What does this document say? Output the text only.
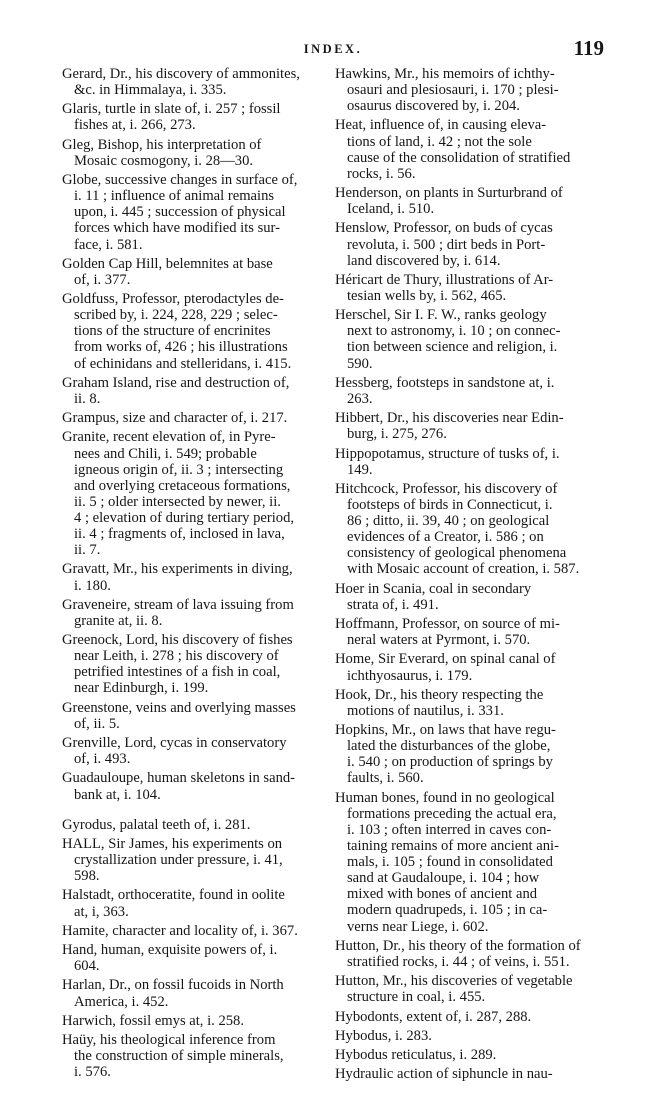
INDEX.	119

Gerard, Dr., his discovery of ammonites,
&c. in Himmalaya, i. 335.

Glaris, turtle in slate of, i. 257 ; fossil
fishes at, i. 266, 273.

Gleg, Bishop, his interpretation of
Mosaic cosmogony, i. 28—30.

Globe, successive changes in surface of,
i. 11 ; influence of animal remains
upon, i. 445 ; succession of physical
forces which have modified its sur-
face, i. 581.

Golden Cap Hill, belemnites at base
of, i. 377.

Goldfuss, Professor, pterodactyles de-
scribed by, i. 224, 228, 229 ; selec-
tions of the structure of encrinites
from works of, 426 ; his illustrations
of echinidans and stelleridans, i. 415.

Graham Island, rise and destruction of,
ii. 8.

Grampus, size and character of, i. 217.

Granite, recent elevation of, in Pyre-
nees and Chili, i. 549; probable
igneous origin of, ii. 3 ; intersecting
and overlying cretaceous formations,
ii. 5 ; older intersected by newer, ii.
4 ; elevation of during tertiary period,
ii. 4 ; fragments of, inclosed in lava,
ii. 7.

Gravatt, Mr., his experiments in diving,
i. 180.

Graveneire, stream of lava issuing from
granite at, ii. 8.

Greenock, Lord, his discovery of fishes
near Leith, i. 278 ; his discovery of
petrified intestines of a fish in coal,
near Edinburgh, i. 199.

Greenstone, veins and overlying masses
of, ii. 5.

Grenville, Lord, cycas in conservatory
of, i. 493.

Guadauloupe, human skeletons in sand-
bank at, i. 104.

Gyrodus, palatal teeth of, i. 281.

HALL, Sir James, his experiments on
crystallization under pressure, i. 41,
598.

Halstadt, orthoceratite, found in oolite
at, i, 363.

Hamite, character and locality of, i. 367.

Hand, human, exquisite powers of, i.
604.

Harlan, Dr., on fossil fucoids in North
America, i. 452.

Harwich, fossil emys at, i. 258.

Haüy, his theological inference from
the construction of simple minerals,
i. 576.

Hawkins, Mr., his memoirs of ichthy-
osauri and plesiosauri, i. 170 ; plesi-
osaurus discovered by, i. 204.

Heat, influence of, in causing eleva-
tions of land, i. 42 ; not the sole
cause of the consolidation of stratified
rocks, i. 56.

Henderson, on plants in Surturbrand of
Iceland, i. 510.

Henslow, Professor, on buds of cycas
revoluta, i. 500 ; dirt beds in Port-
land discovered by, i. 614.

Héricart de Thury, illustrations of Ar-
tesian wells by, i. 562, 465.

Herschel, Sir I. F. W., ranks geology
next to astronomy, i. 10 ; on connec-
tion between science and religion, i.
590.

Hessberg, footsteps in sandstone at, i.
263.

Hibbert, Dr., his discoveries near Edin-
burg, i. 275, 276.

Hippopotamus, structure of tusks of, i.
149.

Hitchcock, Professor, his discovery of
footsteps of birds in Connecticut, i.
86 ; ditto, ii. 39, 40 ; on geological
evidences of a Creator, i. 586 ; on
consistency of geological phenomena
with Mosaic account of creation, i. 587.

Hoer in Scania, coal in secondary
strata of, i. 491.

Hoffmann, Professor, on source of mi-
neral waters at Pyrmont, i. 570.

Home, Sir Everard, on spinal canal of
ichthyosaurus, i. 179.

Hook, Dr., his theory respecting the
motions of nautilus, i. 331.

Hopkins, Mr., on laws that have regu-
lated the disturbances of the globe,
i. 540 ; on production of springs by
faults, i. 560.

Human bones, found in no geological
formations preceding the actual era,
i. 103 ; often interred in caves con-
taining remains of more ancient ani-
mals, i. 105 ; found in consolidated
sand at Gaudaloupe, i. 104 ; how
mixed with bones of ancient and
modern quadrupeds, i. 105 ; in ca-
verns near Liege, i. 602.

Hutton, Dr., his theory of the formation of
stratified rocks, i. 44 ; of veins, i. 551.

Hutton, Mr., his discoveries of vegetable
structure in coal, i. 455.

Hybodonts, extent of, i. 287, 288.

Hybodus, i. 283.

Hybodus reticulatus, i. 289.

Hydraulic action of siphuncle in nau-
